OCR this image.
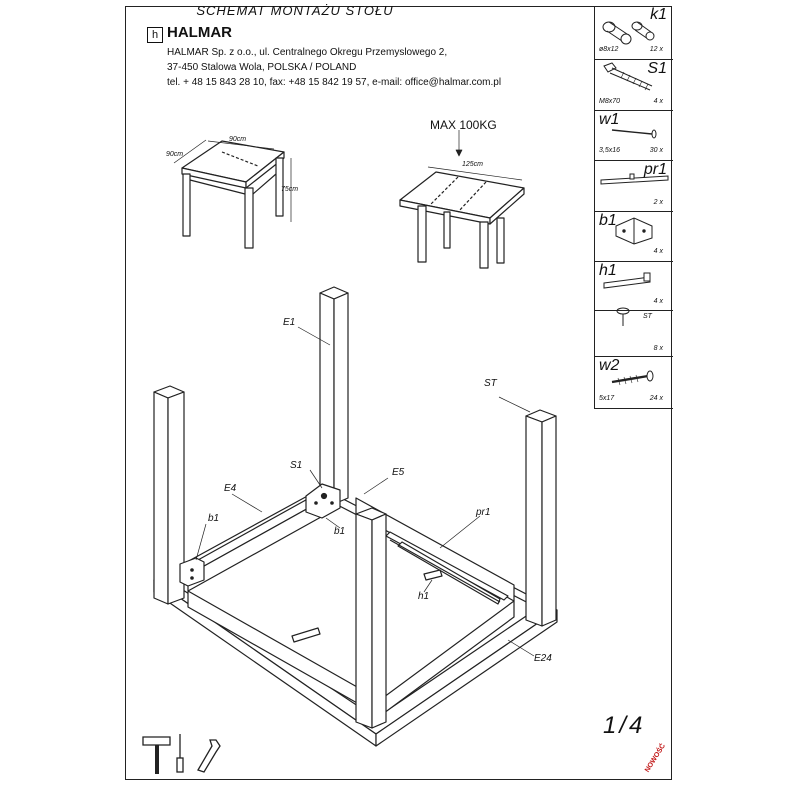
SCHEMAT MONTAŻU STOŁU
h HALMAR
HALMAR Sp. z o.o., ul. Centralnego Okregu Przemyslowego 2,
37-450 Stalowa Wola, POLSKA / POLAND
tel. + 48 15 843 28 10, fax: +48 15 842 19 57, e-mail: office@halmar.com.pl
k1
ø8x12	12 x
S1
M8x70	4 x
w1
3,5x16	30 x
pr1
2 x
b1
4 x
h1
4 x
ST
8 x
w2
5x17	24 x
90cm
90cm
75cm
125cm
MAX 100KG
E1
ST
S1
E4
E5
b1
b1
pr1
h1
E24
1/4
NOWOŚĆ
